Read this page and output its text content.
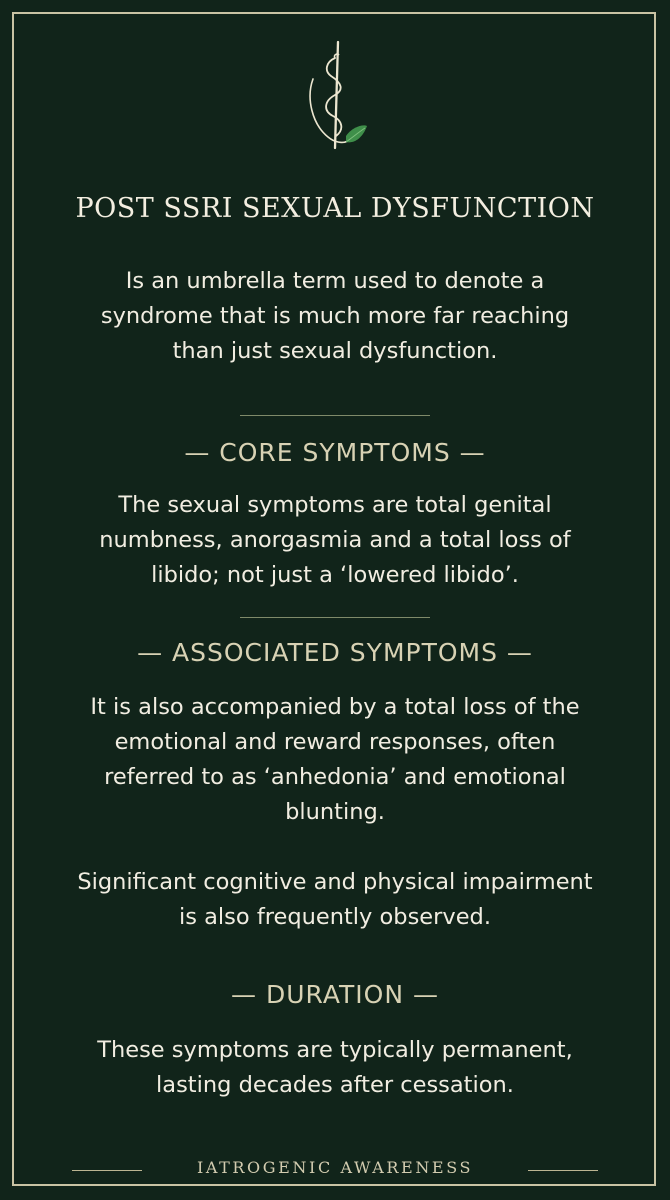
POST SSRI SEXUAL DYSFUNCTION
Is an umbrella term used to denote a
syndrome that is much more far reaching
than just sexual dysfunction.
— CORE SYMPTOMS —
The sexual symptoms are total genital
numbness, anorgasmia and a total loss of
libido; not just a ‘lowered libido’.
— ASSOCIATED SYMPTOMS —
It is also accompanied by a total loss of the
emotional and reward responses, often
referred to as ‘anhedonia’ and emotional
blunting.
Significant cognitive and physical impairment
is also frequently observed.
— DURATION —
These symptoms are typically permanent,
lasting decades after cessation.
IATROGENIC AWARENESS
